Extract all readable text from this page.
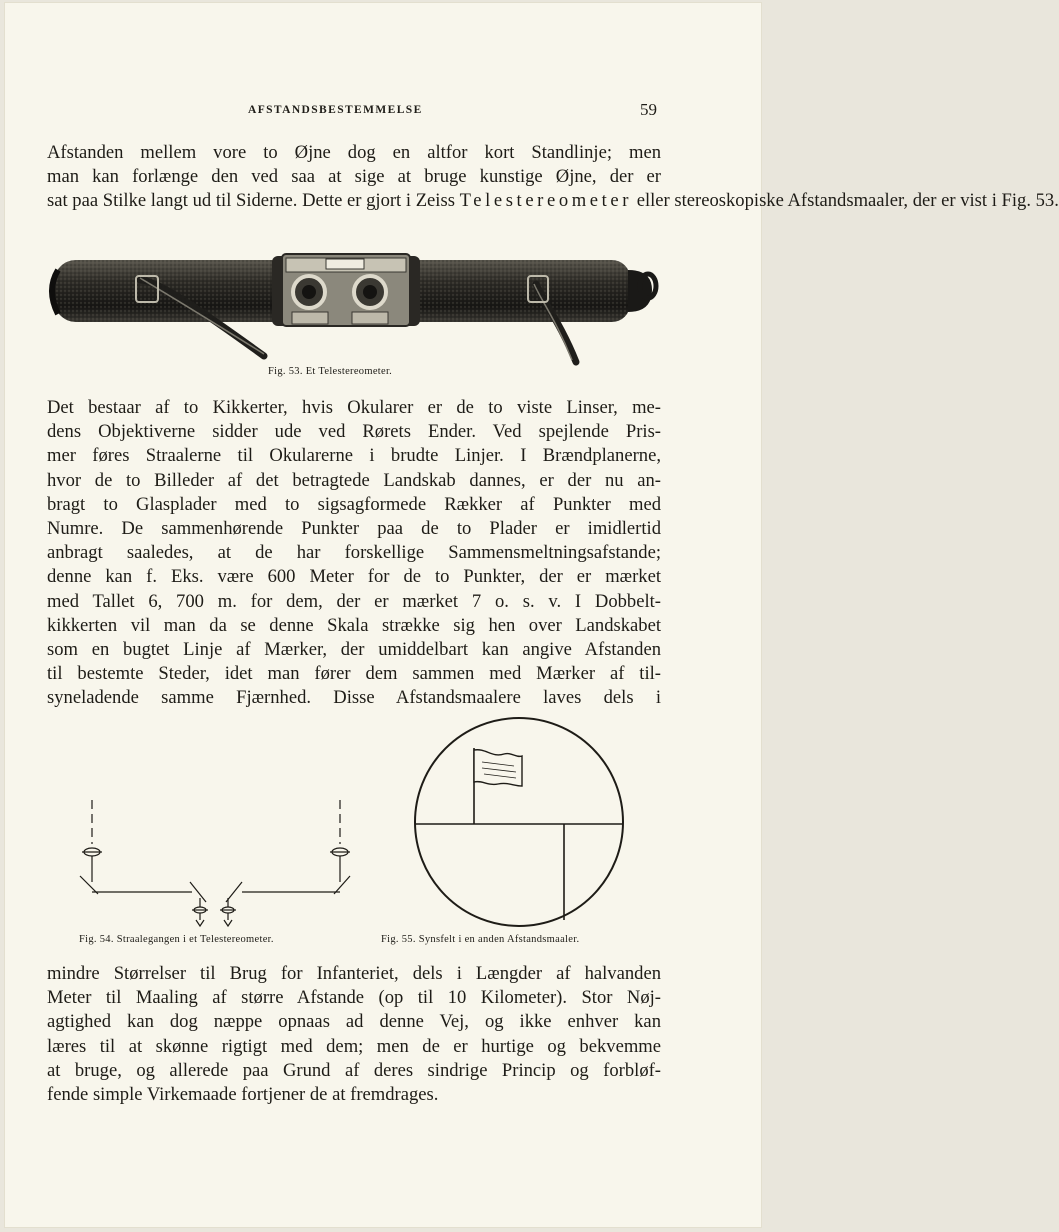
AFSTANDSBESTEMMELSE	59
Afstanden mellem vore to Øjne dog en altfor kort Standlinje; men
man kan forlænge den ved saa at sige at bruge kunstige Øjne, der er
sat paa Stilke langt ud til Siderne. Dette er gjort i Zeiss Telestereometer eller stereoskopiske Afstandsmaaler, der er vist i Fig. 53.
Fig. 53. Et Telestereometer.
Det bestaar af to Kikkerter, hvis Okularer er de to viste Linser, me-
dens Objektiverne sidder ude ved Rørets Ender. Ved spejlende Pris-
mer føres Straalerne til Okularerne i brudte Linjer. I Brændplanerne,
hvor de to Billeder af det betragtede Landskab dannes, er der nu an-
bragt to Glasplader med to sigsagformede Rækker af Punkter med
Numre. De sammenhørende Punkter paa de to Plader er imidlertid
anbragt saaledes, at de har forskellige Sammensmeltningsafstande;
denne kan f. Eks. være 600 Meter for de to Punkter, der er mærket
med Tallet 6, 700 m. for dem, der er mærket 7 o. s. v. I Dobbelt-
kikkerten vil man da se denne Skala strække sig hen over Landskabet
som en bugtet Linje af Mærker, der umiddelbart kan angive Afstanden
til bestemte Steder, idet man fører dem sammen med Mærker af til-
syneladende samme Fjærnhed. Disse Afstandsmaalere laves dels i
Fig. 54. Straalegangen i et Telestereometer.	Fig. 55. Synsfelt i en anden Afstandsmaaler.
mindre Størrelser til Brug for Infanteriet, dels i Længder af halvanden
Meter til Maaling af større Afstande (op til 10 Kilometer). Stor Nøj-
agtighed kan dog næppe opnaas ad denne Vej, og ikke enhver kan
læres til at skønne rigtigt med dem; men de er hurtige og bekvemme
at bruge, og allerede paa Grund af deres sindrige Princip og forbløf-
fende simple Virkemaade fortjener de at fremdrages.
